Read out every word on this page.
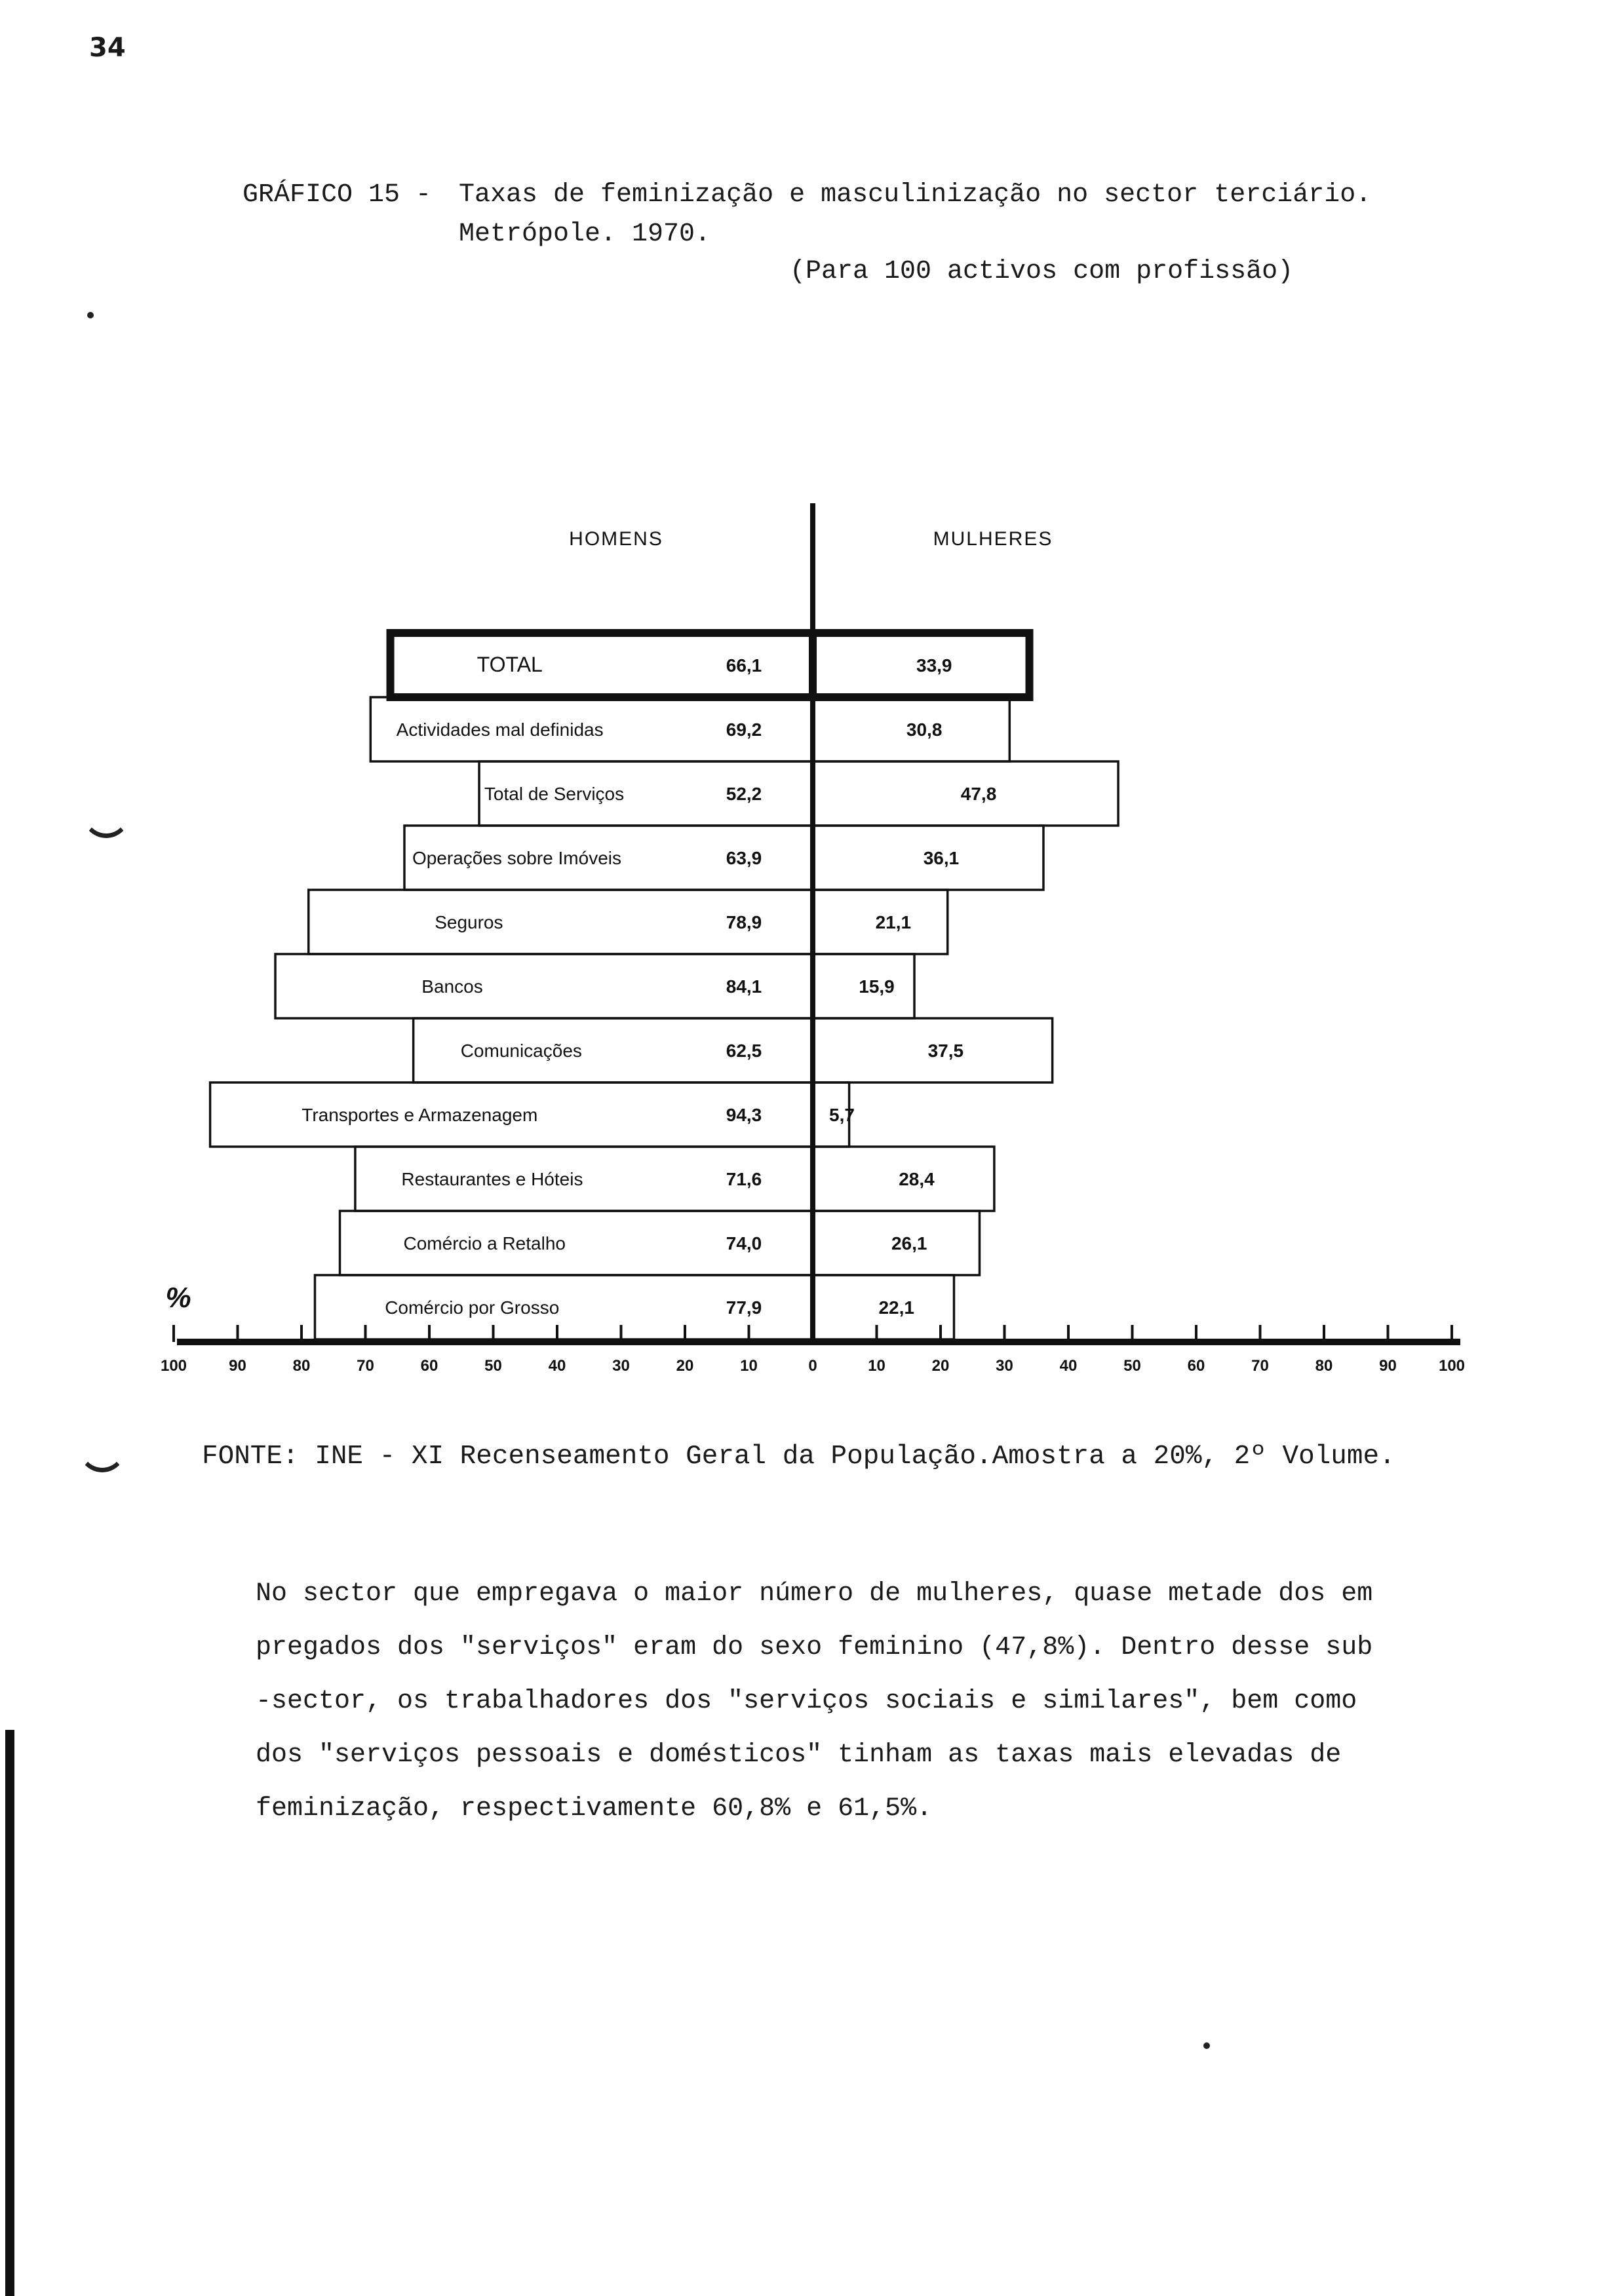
34
GRÁFICO 15 - Taxas de feminização e masculinização no sector terciário.
Metrópole. 1970.
(Para 100 activos com profissão)
TOTAL	66,1	33,9
Actividades mal definidas	69,2	30,8
Total de Serviços	52,2	47,8
Operações sobre Imóveis	63,9	36,1
Seguros	78,9	21,1
Bancos	84,1	15,9
Comunicações	62,5	37,5
Transportes e Armazenagem	94,3	5,7
Restaurantes e Hóteis	71,6	28,4
Comércio a Retalho	74,0	26,1
Comércio por Grosso	77,9	22,1
HOMENS	MULHERES
%
100	90	80	70	60	50	40	30	20	10	0	10	20	30	40	50	60	70	80	90	100
FONTE: INE - XI Recenseamento Geral da População.Amostra a 20%, 2º Volume.
No sector que empregava o maior número de mulheres, quase metade dos em
pregados dos "serviços" eram do sexo feminino (47,8%). Dentro desse sub
-sector, os trabalhadores dos "serviços sociais e similares", bem como
dos "serviços pessoais e domésticos" tinham as taxas mais elevadas de
feminização, respectivamente 60,8% e 61,5%.
